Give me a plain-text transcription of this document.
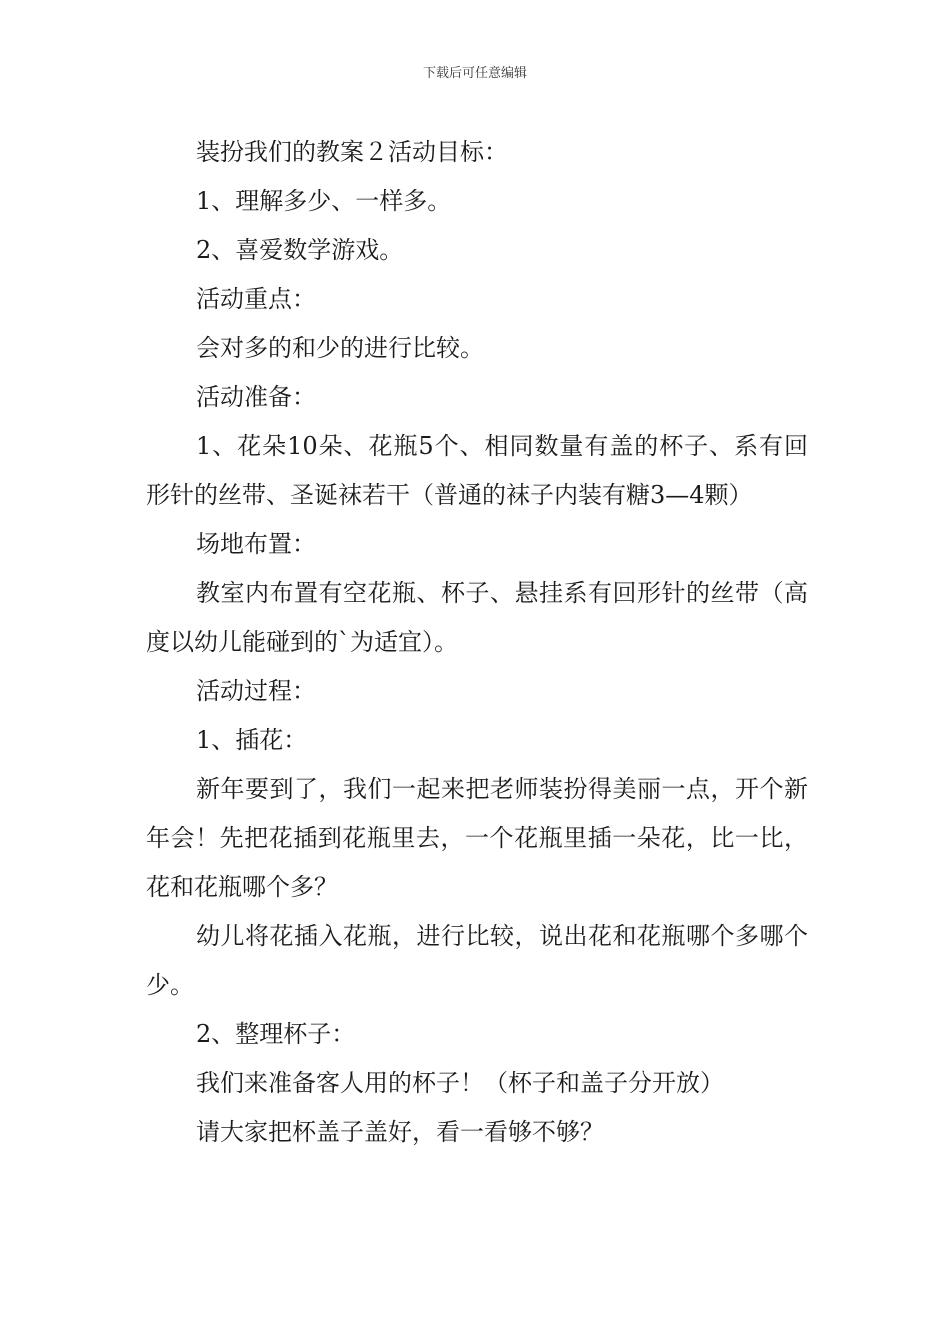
下载后可任意编辑

装扮我们的教案２活动目标：

1、理解多少、一样多。

2、喜爱数学游戏。

活动重点：

会对多的和少的进行比较。

活动准备：

1、花朵10朵、花瓶5个、相同数量有盖的杯子、系有回形针的丝带、圣诞袜若干（普通的袜子内装有糖3—4颗）

场地布置：

教室内布置有空花瓶、杯子、悬挂系有回形针的丝带（高度以幼儿能碰到的`为适宜）。

活动过程：

1、插花：

新年要到了，我们一起来把老师装扮得美丽一点，开个新年会！先把花插到花瓶里去，一个花瓶里插一朵花，比一比，花和花瓶哪个多？

幼儿将花插入花瓶，进行比较，说出花和花瓶哪个多哪个少。

2、整理杯子：

我们来准备客人用的杯子！（杯子和盖子分开放）

请大家把杯盖子盖好，看一看够不够？
